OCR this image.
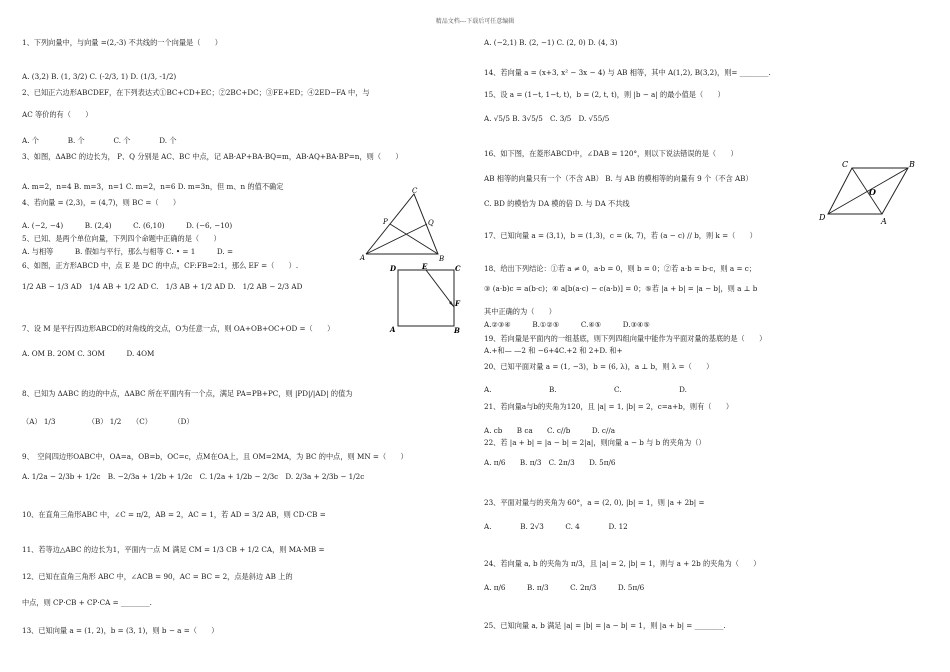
精品文档---下载后可任意编辑
1、下列向量中，与向量 =(2,-3) 不共线的一个向量是（　　）
A. (3,2) B. (1, 3/2) C. (-2/3, 1) D. (1/3, -1/2)
2、已知正六边形ABCDEF，在下列表达式①BC+CD+EC；②2BC+DC；③FE+ED；④2ED−FA 中，与
AC 等价的有（　　）
A. 个　　　　B. 个　　　　C. 个　　　　D. 个
3、如图，ΔABC 的边长为， P、Q 分别是 AC、BC 中点，记 AB·AP+BA·BQ=m，AB·AQ+BA·BP=n，则（　　）
A. m=2，n=4 B. m=3，n=1 C. m=2，n=6 D. m=3n，但 m、n 的值不确定
4、若向量 = (2,3)，= (4,7)，则 BC =（　　）
A. (−2, −4)　　　B. (2,4)　　　C. (6,10)　　　D. (−6, −10)
5、已知、是两个单位向量，下列四个命题中正确的是（　　）
A. 与相等　　　B. 假如与平行，那么与相等 C. • = 1　　　D. =
6、如图，正方形ABCD 中，点 E 是 DC 的中点，CF:FB=2:1，那么 EF =（　　）.
1/2 AB − 1/3 AD　1/4 AB + 1/2 AD C.　1/3 AB + 1/2 AD D.　1/2 AB − 2/3 AD
7、设 M 是平行四边形ABCD的对角线的交点，O为任意一点，则 OA+OB+OC+OD =（　　）
A. OM B. 2OM C. 3OM　　　D. 4OM
8、已知为 ΔABC 的边的中点，ΔABC 所在平面内有一个点，满足 PA=PB+PC，则 |PD|/|AD| 的值为
（A） 1/3　　　　　（B） 1/2　　（C）　　　　（D）
9、　空间四边形OABC中，OA=a，OB=b，OC=c，点M在OA上，且 OM=2MA，为 BC 的中点，则 MN =（　　）
A. 1/2a − 2/3b + 1/2c　B. −2/3a + 1/2b + 1/2c　C. 1/2a + 1/2b − 2/3c　D. 2/3a + 2/3b − 1/2c
10、在直角三角形ABC 中，∠C = π/2，AB = 2，AC = 1，若 AD = 3/2 AB，则 CD·CB =
11、若等边△ABC 的边长为1，平面内一点 M 满足 CM = 1/3 CB + 1/2 CA，则 MA·MB =
12、已知在直角三角形 ABC 中，∠ACB = 90，AC = BC = 2，点是斜边 AB 上的
中点，则 CP·CB + CP·CA = ________.
13、已知向量 a = (1, 2)，b = (3, 1)，则 b − a =（　　）
A. (−2,1) B. (2, −1) C. (2, 0) D. (4, 3)
14、若向量 a = (x+3, x² − 3x − 4) 与 AB 相等，其中 A(1,2), B(3,2)，则= ________.
15、设 a = (1−t, 1−t, t)，b = (2, t, t)，则 |b − a| 的最小值是（　　）
A. √5/5 B. 3√5/5　C. 3/5　D. √55/5
16、如下图，在菱形ABCD中，∠DAB = 120°，则以下说法错误的是（　　）
AB 相等的向量只有一个（不含 AB） B. 与 AB 的模相等的向量有 9 个（不含 AB）
C. BD 的模恰为 DA 模的倍 D. 与 DA 不共线
17、已知向量 a = (3,1)，b = (1,3)，c = (k, 7)，若 (a − c) // b，则 k =（　　）
18、给出下列结论：①若 a ≠ 0，a·b = 0，则 b = 0；②若 a·b = b·c，则 a = c；
③ (a·b)c = a(b·c)；④ a[b(a·c) − c(a·b)] = 0；⑤若 |a + b| = |a − b|，则 a ⊥ b
其中正确的为（　　）
A.②③④　　　B.①②⑤　　　C.④⑤　　　D.③④⑤
19、若向量是平面内的一组基底，则下列四组向量中能作为平面对量的基底的是（　　）
A.+和— —2 和 −6+4C.+2 和 2+D. 和+
20、已知平面对量 a = (1, −3)，b = (6, λ)，a ⊥ b，则 λ =（　　）
A.　　　　　　　　B.　　　　　　　　C.　　　　　　　　D.
21、若向量a与b的夹角为120，且 |a| = 1, |b| = 2，c=a+b，则有（　　）
A. cb　　B ca　　C. c//b　　　D. c//a
22、若 |a + b| = |a − b| = 2|a|，则向量 a − b 与 b 的夹角为（）
A. π/6　　B. π/3　C. 2π/3　　D. 5π/6
23、平面对量与的夹角为 60°，a = (2, 0), |b| = 1，则 |a + 2b| =
A.　　　　B. 2√3　　　C. 4　　　　D. 12
24、若向量 a, b 的夹角为 π/3，且 |a| = 2, |b| = 1，则与 a + 2b 的夹角为（　　）
A. π/6　　　B. π/3　　　C. 2π/3　　　D. 5π/6
25、已知向量 a, b 满足 |a| = |b| = |a − b| = 1，则 |a + b| = ________.
A	B
C
P	Q
D	E	C
F
A	B
C	B
D	A
O
